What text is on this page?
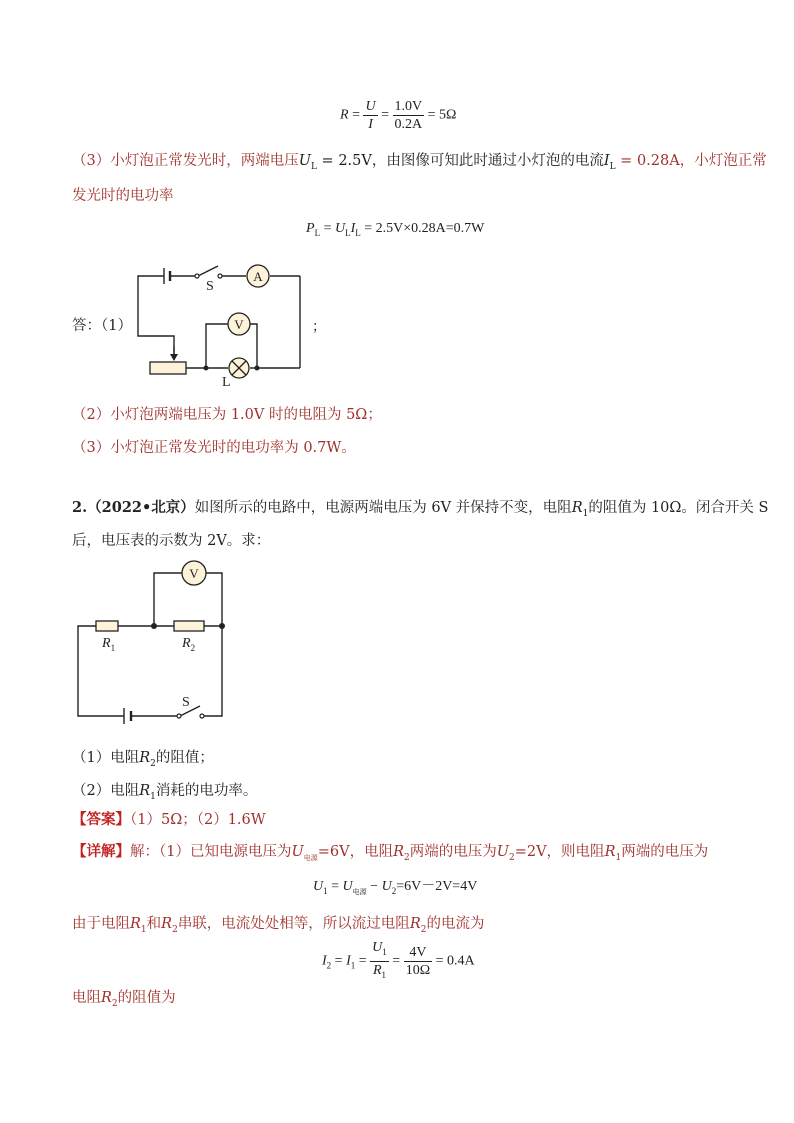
$R = \frac{U}{I} = \frac{1.0V}{0.2A} = 5\Omega$
（3）小灯泡正常发光时，两端电压$U_L = 2.5V$，由图像可知此时通过小灯泡的电流$I_L = 0.28A$，小灯泡正常
发光时的电功率
$P_L = U_LI_L = 2.5V\times 0.28A=0.7W$
答：（1）
A
V
S
L
；
（2）小灯泡两端电压为 1.0V 时的电阻为 5Ω；
（3）小灯泡正常发光时的电功率为 0.7W。
2.（2022•北京）如图所示的电路中，电源两端电压为 6V 并保持不变，电阻$R_1$的阻值为 10Ω。闭合开关 S
后，电压表的示数为 2V。求：
V
$R_1$	$R_2$
S
（1）电阻$R_2$的阻值；
（2）电阻$R_1$消耗的电功率。
【答案】（1）5Ω；（2）1.6W
【详解】解：（1）已知电源电压为$U_{电源}=6V$，电阻$R_2$两端的电压为$U_2=2V$，则电阻$R_1$两端的电压为
$U_1 = U_{电源} - U_2=6V-2V=4V$
由于电阻$R_1$和$R_2$串联，电流处处相等，所以流过电阻$R_2$的电流为
$I_2 = I_1 = \frac{U_1}{R_1} = \frac{4V}{10\Omega} = 0.4A$
电阻$R_2$的阻值为
